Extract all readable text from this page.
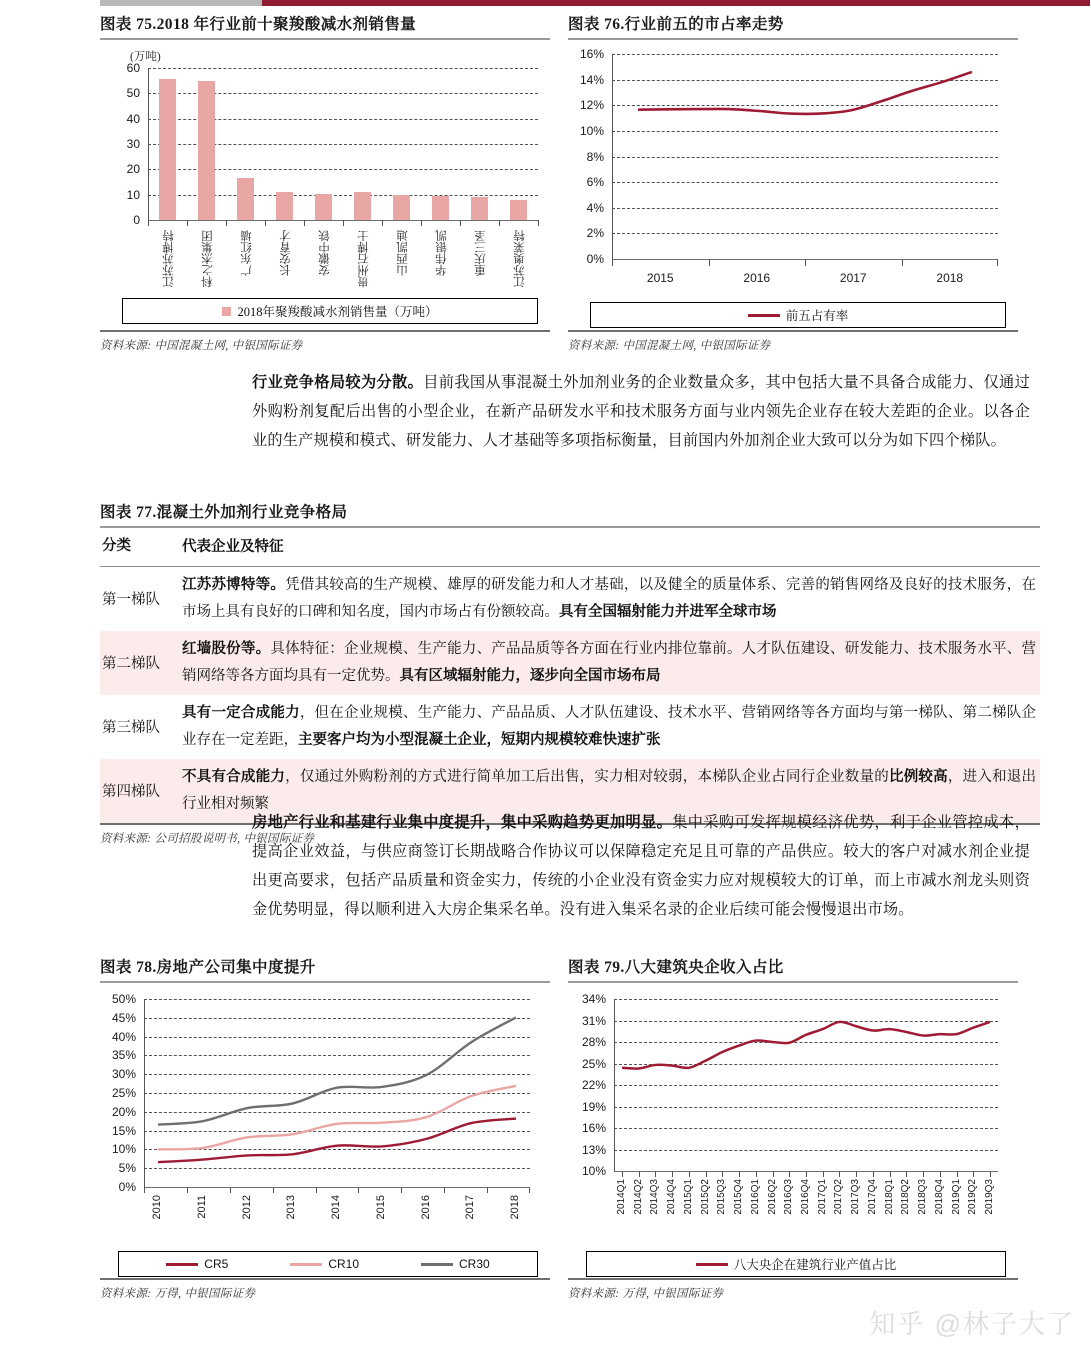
图表 75.2018 年行业前十聚羧酸减水剂销售量
(万吨)
0
10
20
30
40
50
60
江苏苏博特 科之杰集团 广东红墙 长安育才 安徽中铁 贵州石博士 山西凯迪 华伟银凯 重庆三圣 江苏奥莱特
2018年聚羧酸减水剂销售量（万吨）
资料来源: 中国混凝土网, 中银国际证券
图表 76.行业前五的市占率走势
0%
2%
4%
6%
8%
10%
12%
14%
16%
2015	2016	2017	2018
前五占有率
资料来源: 中国混凝土网, 中银国际证券
行业竞争格局较为分散。目前我国从事混凝土外加剂业务的企业数量众多，其中包括大量不具备合成能力、仅通过外购粉剂复配后出售的小型企业，在新产品研发水平和技术服务方面与业内领先企业存在较大差距的企业。以各企业的生产规模和模式、研发能力、人才基础等多项指标衡量，目前国内外加剂企业大致可以分为如下四个梯队。
图表 77.混凝土外加剂行业竞争格局
分类	代表企业及特征
第一梯队
江苏苏博特等。凭借其较高的生产规模、雄厚的研发能力和人才基础，以及健全的质量体系、完善的销售网络及良好的技术服务，在市场上具有良好的口碑和知名度，国内市场占有份额较高。具有全国辐射能力并进军全球市场
第二梯队
红墙股份等。具体特征：企业规模、生产能力、产品品质等各方面在行业内排位靠前。人才队伍建设、研发能力、技术服务水平、营销网络等各方面均具有一定优势。具有区域辐射能力，逐步向全国市场布局
第三梯队
具有一定合成能力，但在企业规模、生产能力、产品品质、人才队伍建设、技术水平、营销网络等各方面均与第一梯队、第二梯队企业存在一定差距，主要客户均为小型混凝土企业，短期内规模较难快速扩张
第四梯队
不具有合成能力，仅通过外购粉剂的方式进行简单加工后出售，实力相对较弱，本梯队企业占同行企业数量的比例较高，进入和退出行业相对频繁
资料来源: 公司招股说明书, 中银国际证券
房地产行业和基建行业集中度提升，集中采购趋势更加明显。集中采购可发挥规模经济优势，利于企业管控成本，提高企业效益，与供应商签订长期战略合作协议可以保障稳定充足且可靠的产品供应。较大的客户对减水剂企业提出更高要求，包括产品质量和资金实力，传统的小企业没有资金实力应对规模较大的订单，而上市减水剂龙头则资金优势明显，得以顺利进入大房企集采名单。没有进入集采名录的企业后续可能会慢慢退出市场。
图表 78.房地产公司集中度提升
0%
5%
10%
15%
20%
25%
30%
35%
40%
45%
50%
2010	2011	2012	2013	2014	2015	2016	2017	2018
CR5	CR10	CR30
资料来源: 万得, 中银国际证券
图表 79.八大建筑央企收入占比
10%
13%
16%
19%
22%
25%
28%
31%
34%
2014Q1 2014Q2 2014Q3 2014Q4 2015Q1 2015Q2 2015Q3 2015Q4 2016Q1 2016Q2 2016Q3 2016Q4 2017Q1 2017Q2 2017Q3 2017Q4 2018Q1 2018Q2 2018Q3 2018Q4 2019Q1 2019Q2 2019Q3
八大央企在建筑行业产值占比
资料来源: 万得, 中银国际证券
知乎 @林子大了
